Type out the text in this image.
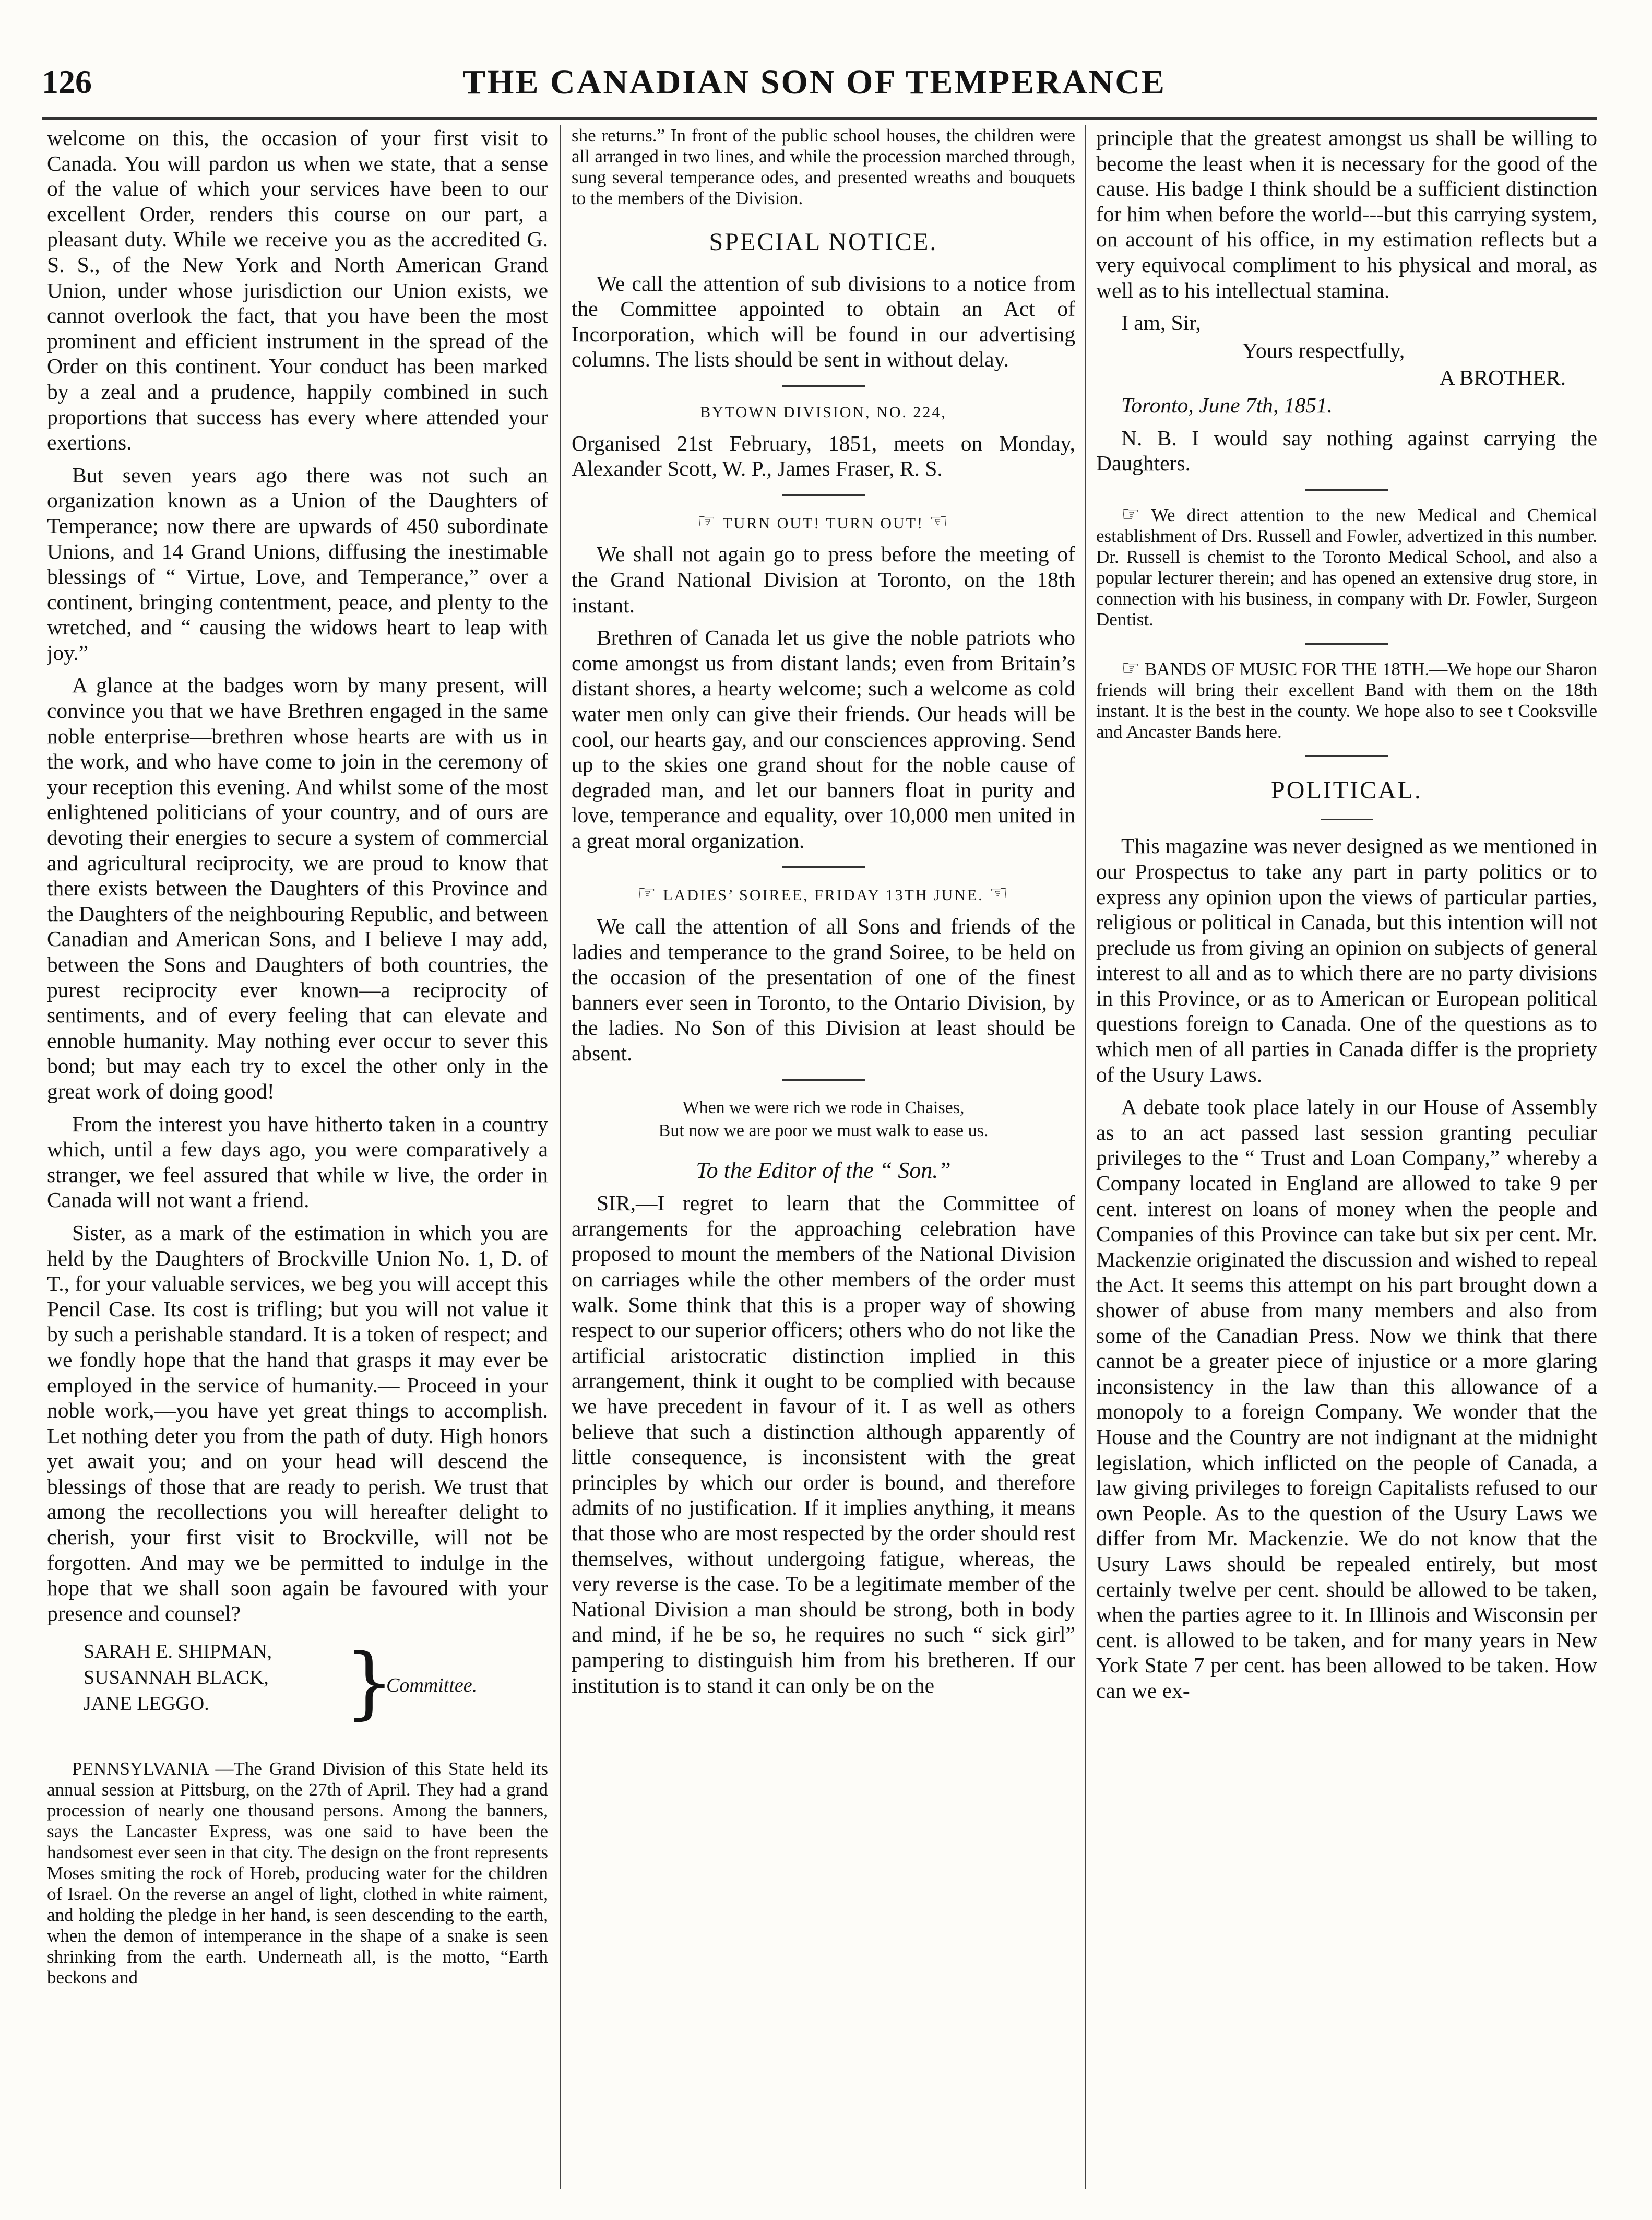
126	THE CANADIAN SON OF TEMPERANCE

welcome on this, the occasion of your first visit to Canada. You will pardon us when we state, that a sense of the value of which your services have been to our excellent Order, renders this course on our part, a pleasant duty. While we receive you as the accredited G. S. S., of the New York and North American Grand Union, under whose jurisdiction our Union exists, we cannot overlook the fact, that you have been the most prominent and efficient instrument in the spread of the Order on this continent. Your conduct has been marked by a zeal and a prudence, happily combined in such proportions that success has every where attended your exertions.

But seven years ago there was not such an organization known as a Union of the Daughters of Temperance; now there are upwards of 450 subordinate Unions, and 14 Grand Unions, diffusing the inestimable blessings of “ Virtue, Love, and Temperance,” over a continent, bringing contentment, peace, and plenty to the wretched, and “ causing the widows heart to leap with joy.”

A glance at the badges worn by many present, will convince you that we have Brethren engaged in the same noble enterprise—brethren whose hearts are with us in the work, and who have come to join in the ceremony of your reception this evening. And whilst some of the most enlightened politicians of your country, and of ours are devoting their energies to secure a system of commercial and agricultural reciprocity, we are proud to know that there exists between the Daughters of this Province and the Daughters of the neighbouring Republic, and between Canadian and American Sons, and I believe I may add, between the Sons and Daughters of both countries, the purest reciprocity ever known—a reciprocity of sentiments, and of every feeling that can elevate and ennoble humanity. May nothing ever occur to sever this bond; but may each try to excel the other only in the great work of doing good!

From the interest you have hitherto taken in a country which, until a few days ago, you were comparatively a stranger, we feel assured that while w live, the order in Canada will not want a friend.

Sister, as a mark of the estimation in which you are held by the Daughters of Brockville Union No. 1, D. of T., for your valuable services, we beg you will accept this Pencil Case. Its cost is trifling; but you will not value it by such a perishable standard. It is a token of respect; and we fondly hope that the hand that grasps it may ever be employed in the service of humanity.— Proceed in your noble work,—you have yet great things to accomplish. Let nothing deter you from the path of duty. High honors yet await you; and on your head will descend the blessings of those that are ready to perish. We trust that among the recollections you will hereafter delight to cherish, your first visit to Brockville, will not be forgotten. And may we be permitted to indulge in the hope that we shall soon again be favoured with your presence and counsel?

SARAH E. SHIPMAN,
SUSANNAH BLACK,
JANE LEGGO.	}
Committee.

PENNSYLVANIA —The Grand Division of this State held its annual session at Pittsburg, on the 27th of April. They had a grand procession of nearly one thousand persons. Among the banners, says the Lancaster Express, was one said to have been the handsomest ever seen in that city. The design on the front represents Moses smiting the rock of Horeb, producing water for the children of Israel. On the reverse an angel of light, clothed in white raiment, and holding the pledge in her hand, is seen descending to the earth, when the demon of intemperance in the shape of a snake is seen shrinking from the earth. Underneath all, is the motto, “Earth beckons and

she returns.” In front of the public school houses, the children were all arranged in two lines, and while the procession marched through, sung several temperance odes, and presented wreaths and bouquets to the members of the Division.

SPECIAL NOTICE.

We call the attention of sub divisions to a notice from the Committee appointed to obtain an Act of Incorporation, which will be found in our advertising columns. The lists should be sent in without delay.

BYTOWN DIVISION, NO. 224,

Organised 21st February, 1851, meets on Monday, Alexander Scott, W. P., James Fraser, R. S.

☞ TURN OUT! TURN OUT! ☜

We shall not again go to press before the meeting of the Grand National Division at Toronto, on the 18th instant.

Brethren of Canada let us give the noble patriots who come amongst us from distant lands; even from Britain’s distant shores, a hearty welcome; such a welcome as cold water men only can give their friends. Our heads will be cool, our hearts gay, and our consciences approving. Send up to the skies one grand shout for the noble cause of degraded man, and let our banners float in purity and love, temperance and equality, over 10,000 men united in a great moral organization.

☞ LADIES’ SOIREE, FRIDAY 13TH JUNE. ☜

We call the attention of all Sons and friends of the ladies and temperance to the grand Soiree, to be held on the occasion of the presentation of one of the finest banners ever seen in Toronto, to the Ontario Division, by the ladies. No Son of this Division at least should be absent.

When we were rich we rode in Chaises,
But now we are poor we must walk to ease us.
To the Editor of the “ Son.”

SIR,—I regret to learn that the Committee of arrangements for the approaching celebration have proposed to mount the members of the National Division on carriages while the other members of the order must walk. Some think that this is a proper way of showing respect to our superior officers; others who do not like the artificial aristocratic distinction implied in this arrangement, think it ought to be complied with because we have precedent in favour of it. I as well as others believe that such a distinction although apparently of little consequence, is inconsistent with the great principles by which our order is bound, and therefore admits of no justification. If it implies anything, it means that those who are most respected by the order should rest themselves, without undergoing fatigue, whereas, the very reverse is the case. To be a legitimate member of the National Division a man should be strong, both in body and mind, if he be so, he requires no such “ sick girl” pampering to distinguish him from his bretheren. If our institution is to stand it can only be on the

principle that the greatest amongst us shall be willing to become the least when it is necessary for the good of the cause. His badge I think should be a sufficient distinction for him when before the world---but this carrying system, on account of his office, in my estimation reflects but a very equivocal compliment to his physical and moral, as well as to his intellectual stamina.

I am, Sir,

Yours respectfully,

A BROTHER.

Toronto, June 7th, 1851.

N. B. I would say nothing against carrying the Daughters.

☞ We direct attention to the new Medical and Chemical establishment of Drs. Russell and Fowler, advertized in this number. Dr. Russell is chemist to the Toronto Medical School, and also a popular lecturer therein; and has opened an extensive drug store, in connection with his business, in company with Dr. Fowler, Surgeon Dentist.

☞ BANDS OF MUSIC FOR THE 18TH.—We hope our Sharon friends will bring their excellent Band with them on the 18th instant. It is the best in the county. We hope also to see t Cooksville and Ancaster Bands here.

POLITICAL.

This magazine was never designed as we mentioned in our Prospectus to take any part in party politics or to express any opinion upon the views of particular parties, religious or political in Canada, but this intention will not preclude us from giving an opinion on subjects of general interest to all and as to which there are no party divisions in this Province, or as to American or European political questions foreign to Canada. One of the questions as to which men of all parties in Canada differ is the propriety of the Usury Laws.

A debate took place lately in our House of Assembly as to an act passed last session granting peculiar privileges to the “ Trust and Loan Company,” whereby a Company located in England are allowed to take 9 per cent. interest on loans of money when the people and Companies of this Province can take but six per cent. Mr. Mackenzie originated the discussion and wished to repeal the Act. It seems this attempt on his part brought down a shower of abuse from many members and also from some of the Canadian Press. Now we think that there cannot be a greater piece of injustice or a more glaring inconsistency in the law than this allowance of a monopoly to a foreign Company. We wonder that the House and the Country are not indignant at the midnight legislation, which inflicted on the people of Canada, a law giving privileges to foreign Capitalists refused to our own People. As to the question of the Usury Laws we differ from Mr. Mackenzie. We do not know that the Usury Laws should be repealed entirely, but most certainly twelve per cent. should be allowed to be taken, when the parties agree to it. In Illinois and Wisconsin per cent. is allowed to be taken, and for many years in New York State 7 per cent. has been allowed to be taken. How can we ex-
